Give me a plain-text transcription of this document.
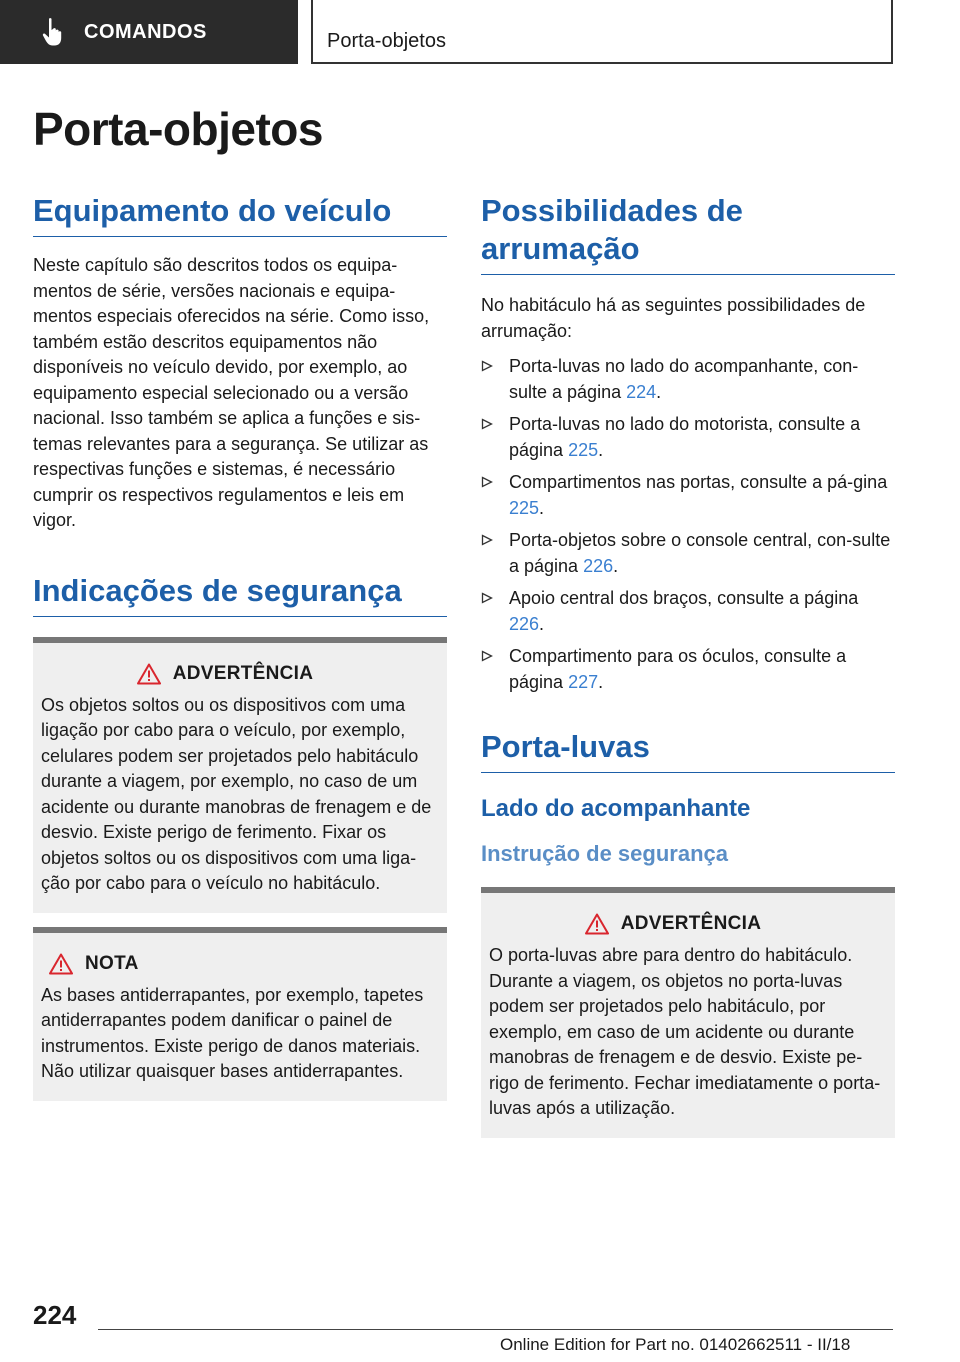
COMANDOS	Porta-objetos
Porta-objetos
Equipamento do veículo

Neste capítulo são descritos todos os equipa-mentos de série, versões nacionais e equipa-mentos especiais oferecidos na série. Como isso, também estão descritos equipamentos não disponíveis no veículo devido, por exemplo, ao equipamento especial selecionado ou a versão nacional. Isso também se aplica a funções e sis-temas relevantes para a segurança. Se utilizar as respectivas funções e sistemas, é necessário cumprir os respectivos regulamentos e leis em vigor.

Indicações de segurança
ADVERTÊNCIA
Os objetos soltos ou os dispositivos com uma ligação por cabo para o veículo, por exemplo, celulares podem ser projetados pelo habitáculo durante a viagem, por exemplo, no caso de um acidente ou durante manobras de frenagem e de desvio. Existe perigo de ferimento. Fixar os objetos soltos ou os dispositivos com uma liga-ção por cabo para o veículo no habitáculo.
NOTA
As bases antiderrapantes, por exemplo, tapetes antiderrapantes podem danificar o painel de instrumentos. Existe perigo de danos materiais. Não utilizar quaisquer bases antiderrapantes.
Possibilidades de arrumação

No habitáculo há as seguintes possibilidades de arrumação:

Porta-luvas no lado do acompanhante, con-sulte a página 224.
Porta-luvas no lado do motorista, consulte a página 225.
Compartimentos nas portas, consulte a pá-gina 225.
Porta-objetos sobre o console central, con-sulte a página 226.
Apoio central dos braços, consulte a página 226.
Compartimento para os óculos, consulte a página 227.
Porta-luvas
Lado do acompanhante
Instrução de segurança
ADVERTÊNCIA
O porta-luvas abre para dentro do habitáculo. Durante a viagem, os objetos no porta-luvas podem ser projetados pelo habitáculo, por exemplo, em caso de um acidente ou durante manobras de frenagem e de desvio. Existe pe-rigo de ferimento. Fechar imediatamente o porta-luvas após a utilização.
224
Online Edition for Part no. 01402662511 - II/18
